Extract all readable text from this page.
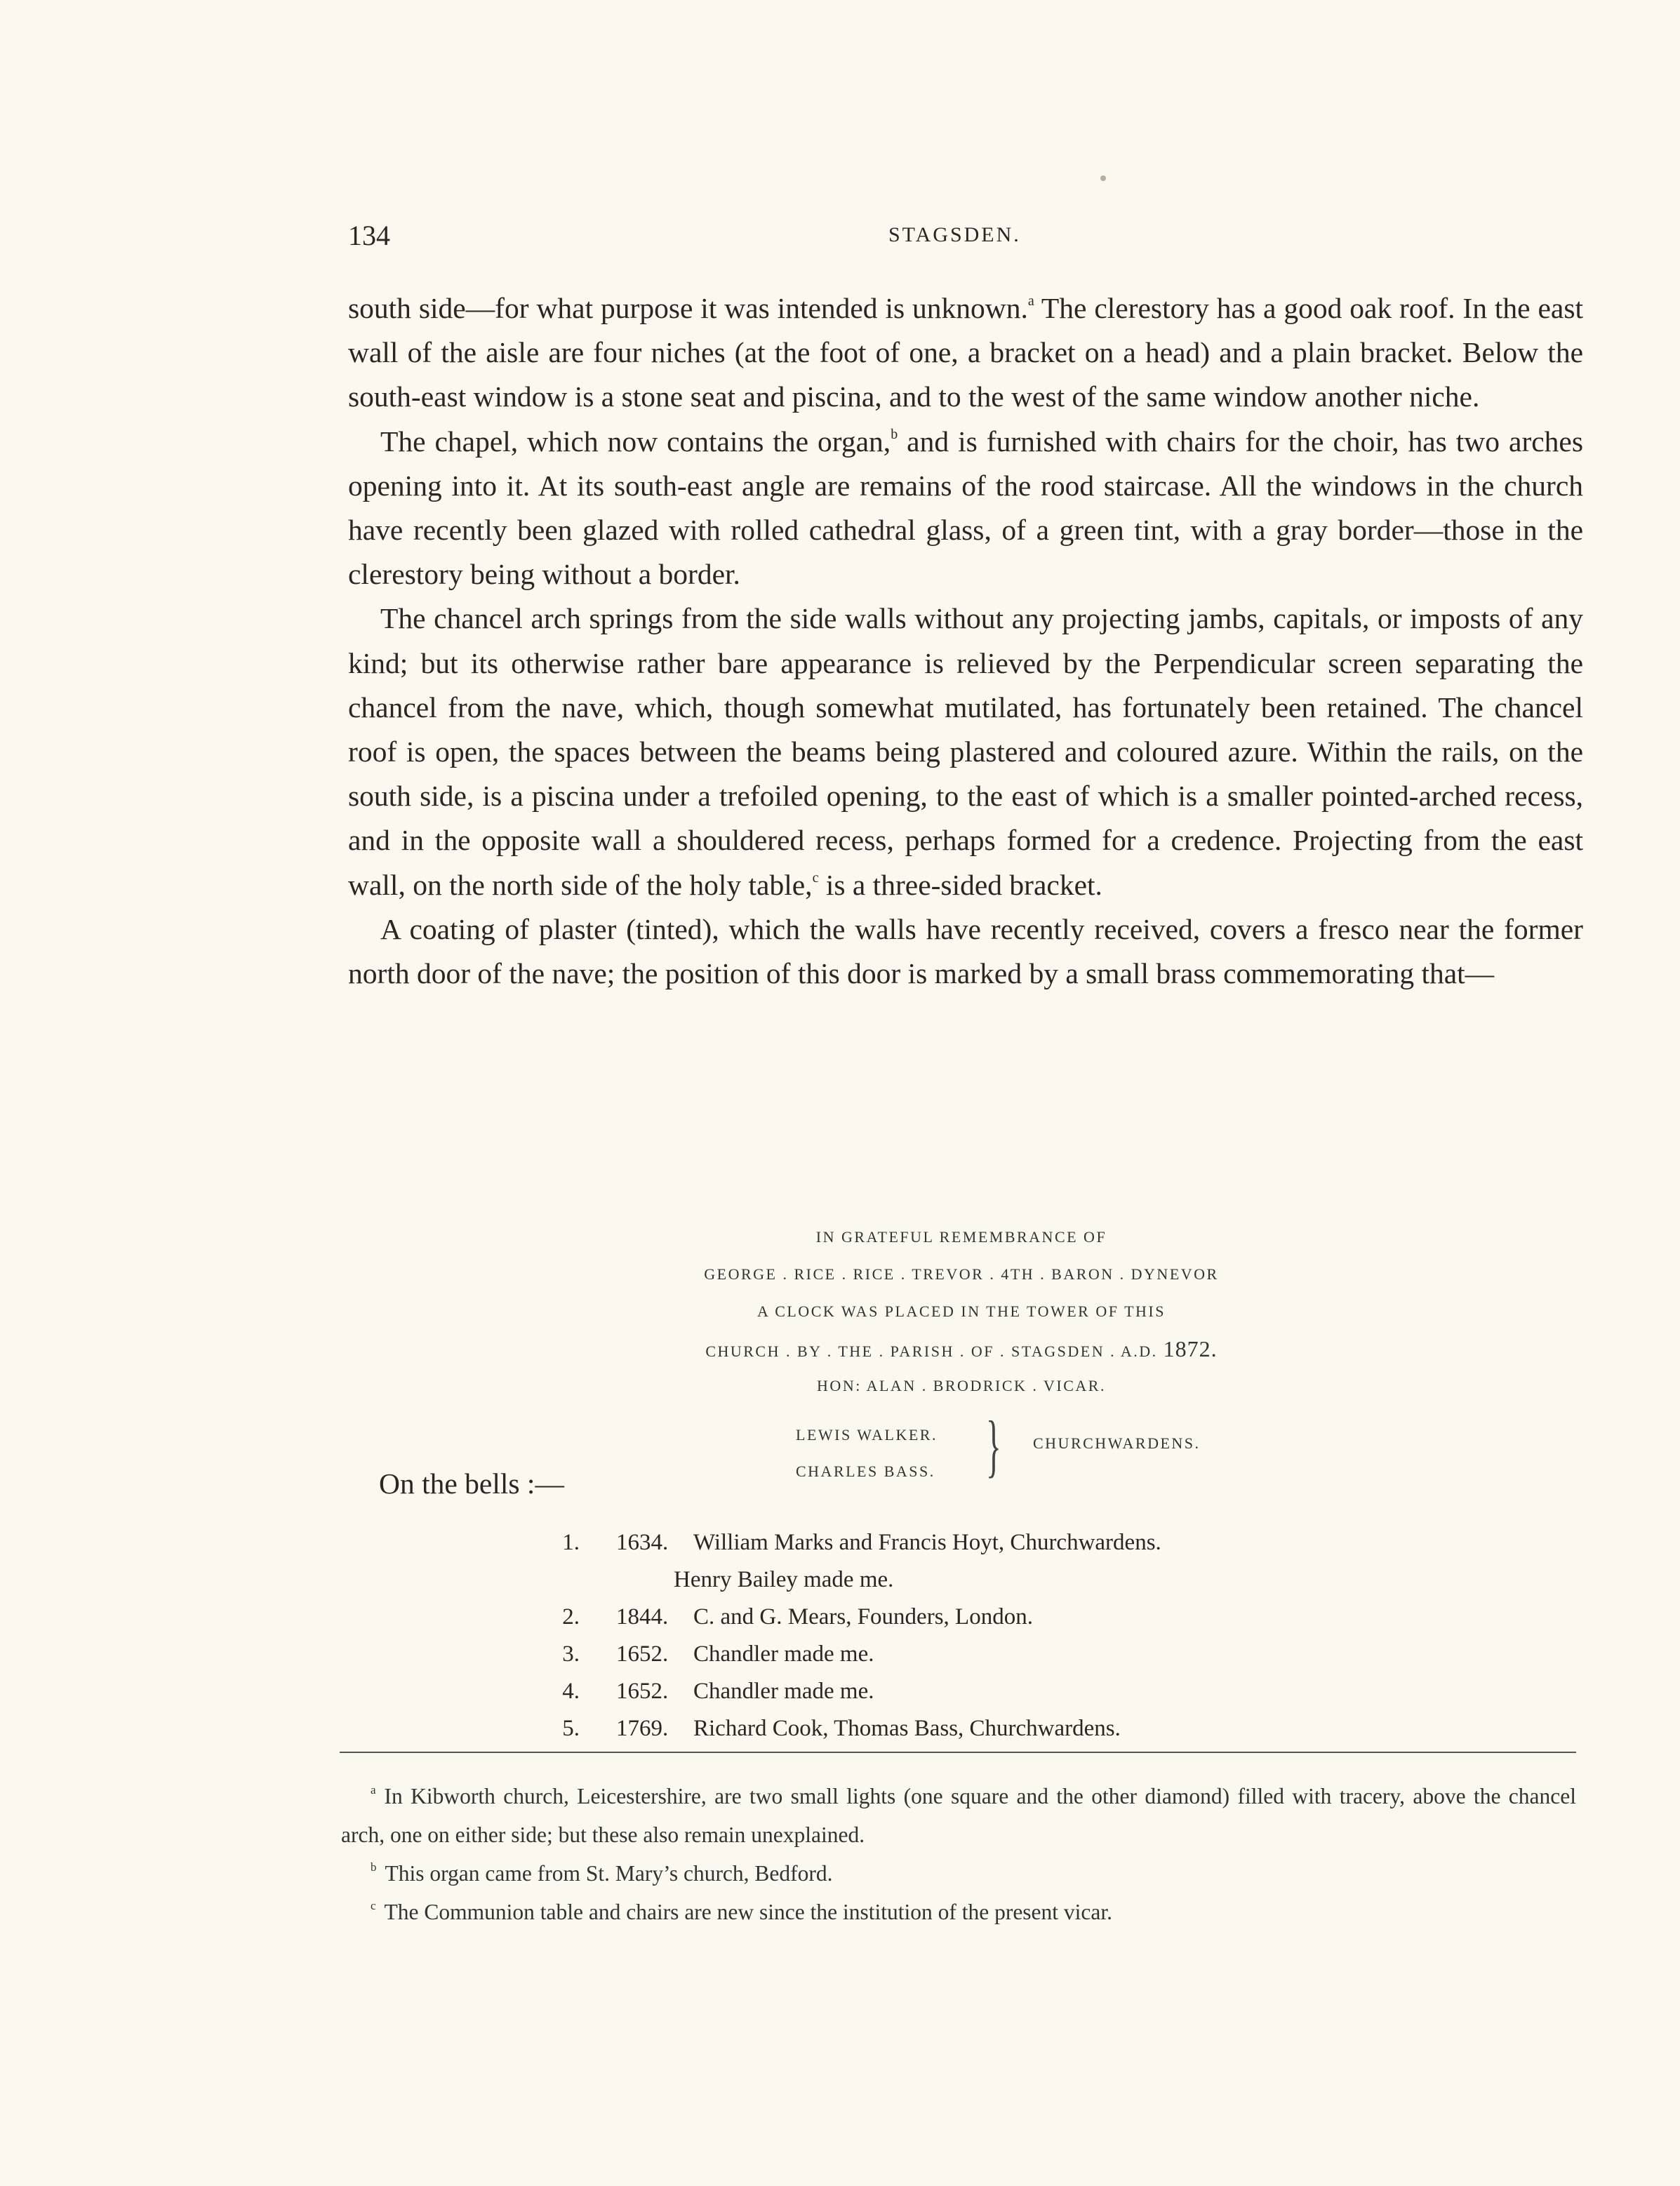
134	STAGSDEN.

south side—for what purpose it was intended is unknown.$^a$ The clerestory has a good oak roof. In the east wall of the aisle are four niches (at the foot of one, a bracket on a head) and a plain bracket. Below the south-east window is a stone seat and piscina, and to the west of the same window another niche.

The chapel, which now contains the organ,$^b$ and is furnished with chairs for the choir, has two arches opening into it. At its south-east angle are remains of the rood staircase. All the windows in the church have recently been glazed with rolled cathedral glass, of a green tint, with a gray border—those in the clerestory being without a border.

The chancel arch springs from the side walls without any projecting jambs, capitals, or imposts of any kind; but its otherwise rather bare appearance is relieved by the Perpendicular screen separating the chancel from the nave, which, though somewhat mutilated, has fortunately been retained. The chancel roof is open, the spaces between the beams being plastered and coloured azure. Within the rails, on the south side, is a piscina under a trefoiled opening, to the east of which is a smaller pointed-arched recess, and in the opposite wall a shouldered recess, perhaps formed for a credence. Projecting from the east wall, on the north side of the holy table,$^c$ is a three-sided bracket.

A coating of plaster (tinted), which the walls have recently received, covers a fresco near the former north door of the nave; the position of this door is marked by a small brass commemorating that—

IN GRATEFUL REMEMBRANCE OF
GEORGE . RICE . RICE . TREVOR . 4TH . BARON . DYNEVOR
A CLOCK WAS PLACED IN THE TOWER OF THIS
CHURCH . BY . THE . PARISH . OF . STAGSDEN . A.D. 1872.
HON: ALAN . BRODRICK . VICAR.
LEWIS WALKER.
CHARLES BASS. } CHURCHWARDENS.
On the bells :—
1. 1634. William Marks and Francis Hoyt, Churchwardens.
Henry Bailey made me.
2. 1844. C. and G. Mears, Founders, London.
3. 1652. Chandler made me.
4. 1652. Chandler made me.
5. 1769. Richard Cook, Thomas Bass, Churchwardens.

$^a$ In Kibworth church, Leicestershire, are two small lights (one square and the other diamond) filled with tracery, above the chancel arch, one on either side; but these also remain unexplained.

$^b$ This organ came from St. Mary’s church, Bedford.

$^c$ The Communion table and chairs are new since the institution of the present vicar.
